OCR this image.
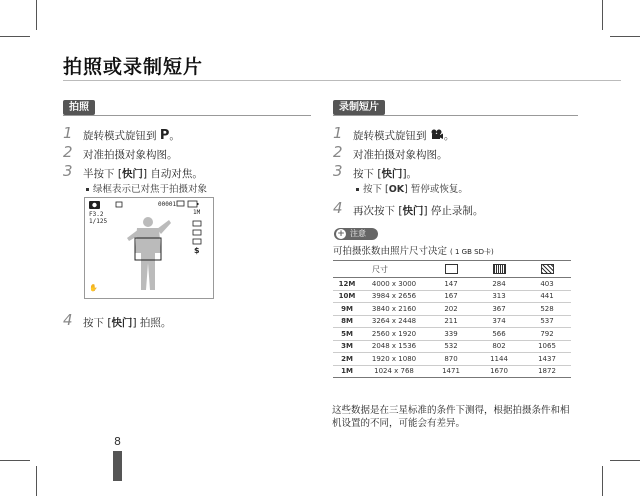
拍照或录制短片
拍照
1 旋转模式旋钮到 P。
2 对准拍摄对象构图。
3 半按下 [快门] 自动对焦。
绿框表示已对焦于拍摄对象
$
1M
✋
F3.2
1/125
00001
4 按下 [快门] 拍照。
录制短片
1 旋转模式旋钮到 。
2 对准拍摄对象构图。
3 按下 [快门]。
按下 [OK] 暂停或恢复。
4 再次按下 [快门] 停止录制。
+ 注意
可拍摄张数由照片尺寸决定 ( 1 GB SD卡)
尺寸				
12M	4000 x 3000	147	284	403
10M	3984 x 2656	167	313	441
9M	3840 x 2160	202	367	528
8M	3264 x 2448	211	374	537
5M	2560 x 1920	339	566	792
3M	2048 x 1536	532	802	1065
2M	1920 x 1080	870	1144	1437
1M	1024 x 768	1471	1670	1872
这些数据是在三星标准的条件下测得，根据拍摄条件和相机设置的不同，可能会有差异。
8
